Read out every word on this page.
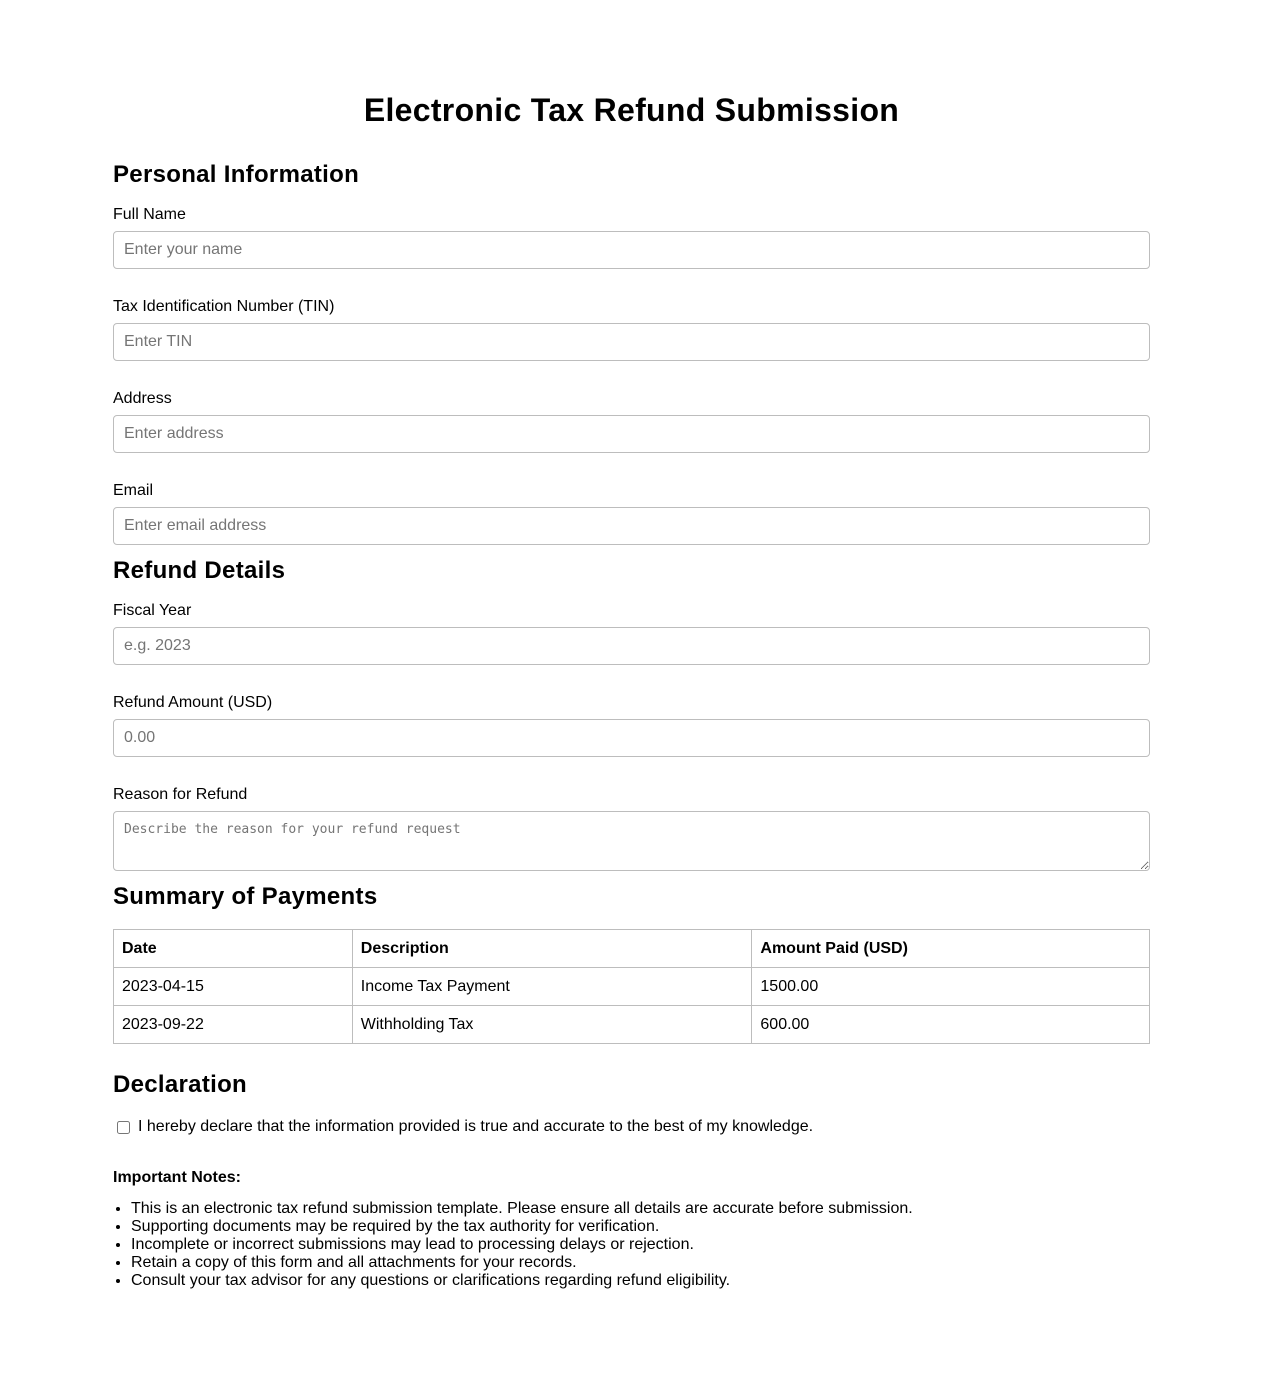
Electronic Tax Refund Submission
Personal Information
Full Name
Enter your name
Tax Identification Number (TIN)
Enter TIN
Address
Enter address
Email
Enter email address
Refund Details
Fiscal Year
e.g. 2023
Refund Amount (USD)
0.00
Reason for Refund
Describe the reason for your refund request
Summary of Payments
Date	Description	Amount Paid (USD)
2023-04-15	Income Tax Payment	1500.00
2023-09-22	Withholding Tax	600.00
Declaration
I hereby declare that the information provided is true and accurate to the best of my knowledge.
Important Notes:
• This is an electronic tax refund submission template. Please ensure all details are accurate before submission.
• Supporting documents may be required by the tax authority for verification.
• Incomplete or incorrect submissions may lead to processing delays or rejection.
• Retain a copy of this form and all attachments for your records.
• Consult your tax advisor for any questions or clarifications regarding refund eligibility.
